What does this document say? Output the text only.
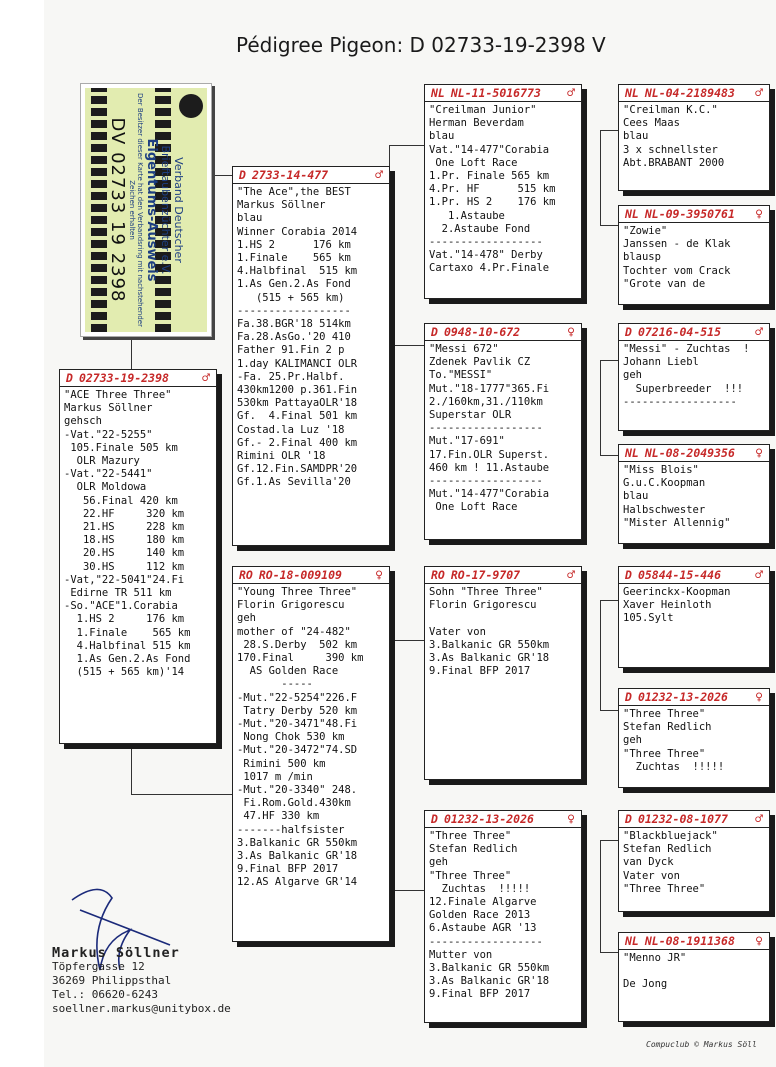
Pédigree Pigeon: D 02733-19-2398 V
Verband Deutscher
Brieftaubenzüchter e.V.
Eigentums-Ausweis
Der Besitzer dieser Karte hat den Verbandsring mit nachstehender Zeichen erhalten
DV 02733 19 2398
D 02733-19-2398	♂
"ACE Three Three"
Markus Söllner
gehsch
-Vat."22-5255"
105.Finale 505 km
OLR Mazury
-Vat."22-5441"
OLR Moldowa
56.Final 420 km
22.HF     320 km
21.HS     228 km
18.HS     180 km
20.HS     140 km
30.HS     112 km
-Vat,"22-5041"24.Fi
Edirne TR 511 km
-So."ACE"1.Corabia
1.HS 2     176 km
1.Finale    565 km
4.Halbfinal 515 km
1.As Gen.2.As Fond
(515 + 565 km)'14
D 2733-14-477	♂
"The Ace",the BEST
Markus Söllner
blau
Winner Corabia 2014
1.HS 2      176 km
1.Finale    565 km
4.Halbfinal  515 km
1.As Gen.2.As Fond
(515 + 565 km)
------------------
Fa.38.BGR'18 514km
Fa.28.AsGo.'20 410
Father 91.Fin 2 p
1.day KALIMANCI OLR
-Fa. 25.Pr.Halbf.
430km1200 p.361.Fin
530km PattayaOLR'18
Gf.  4.Final 501 km
Costad.la Luz '18
Gf.- 2.Final 400 km
Rimini OLR '18
Gf.12.Fin.SAMDPR'20
Gf.1.As Sevilla'20
RO RO-18-009109	♀
"Young Three Three"
Florin Grigorescu
geh
mother of "24-482"
28.S.Derby  502 km
170.Final     390 km
AS Golden Race
-----
-Mut."22-5254"226.F
Tatry Derby 520 km
-Mut."20-3471"48.Fi
Nong Chok 530 km
-Mut."20-3472"74.SD
Rimini 500 km
1017 m /min
-Mut."20-3340" 248.
Fi.Rom.Gold.430km
47.HF 330 km
-------halfsister
3.Balkanic GR 550km
3.As Balkanic GR'18
9.Final BFP 2017
12.AS Algarve GR'14
NL NL-11-5016773 ♂
"Creilman Junior"
Herman Beverdam
blau
Vat."14-477"Corabia
One Loft Race
1.Pr. Finale 565 km
4.Pr. HF      515 km
1.Pr. HS 2    176 km
1.Astaube
2.Astaube Fond
------------------
Vat."14-478" Derby
Cartaxo 4.Pr.Finale
D 0948-10-672	♀
"Messi 672"
Zdenek Pavlik CZ
To."MESSI"
Mut."18-1777"365.Fi
2./160km,31./110km
Superstar OLR
------------------
Mut."17-691"
17.Fin.OLR Superst.
460 km ! 11.Astaube
------------------
Mut."14-477"Corabia
One Loft Race
RO RO-17-9707	♂
Sohn "Three Three"
Florin Grigorescu

Vater von
3.Balkanic GR 550km
3.As Balkanic GR'18
9.Final BFP 2017
D 01232-13-2026	♀
"Three Three"
Stefan Redlich
geh
"Three Three"
Zuchtas  !!!!!
12.Finale Algarve
Golden Race 2013
6.Astaube AGR '13
------------------
Mutter von
3.Balkanic GR 550km
3.As Balkanic GR'18
9.Final BFP 2017
NL NL-04-2189483 ♂
"Creilman K.C."
Cees Maas
blau
3 x schnellster
Abt.BRABANT 2000
NL NL-09-3950761 ♀
"Zowie"
Janssen - de Klak
blausp
Tochter vom Crack
"Grote van de
D 07216-04-515	♂
"Messi" - Zuchtas  !
Johann Liebl
geh
Superbreeder  !!!
------------------
NL NL-08-2049356 ♀
"Miss Blois"
G.u.C.Koopman
blau
Halbschwester
"Mister Allennig"
D 05844-15-446	♂
Geerinckx-Koopman
Xaver Heinloth
105.Sylt
D 01232-13-2026 ♀
"Three Three"
Stefan Redlich
geh
"Three Three"
Zuchtas  !!!!!
D 01232-08-1077 ♂
"Blackbluejack"
Stefan Redlich
van Dyck
Vater von
"Three Three"
NL NL-08-1911368 ♀
"Menno JR"

De Jong
Markus Söllner
Töpfergasse 12
36269 Philippsthal
Tel.: 06620-6243
soellner.markus@unitybox.de
Compuclub © Markus Söll
